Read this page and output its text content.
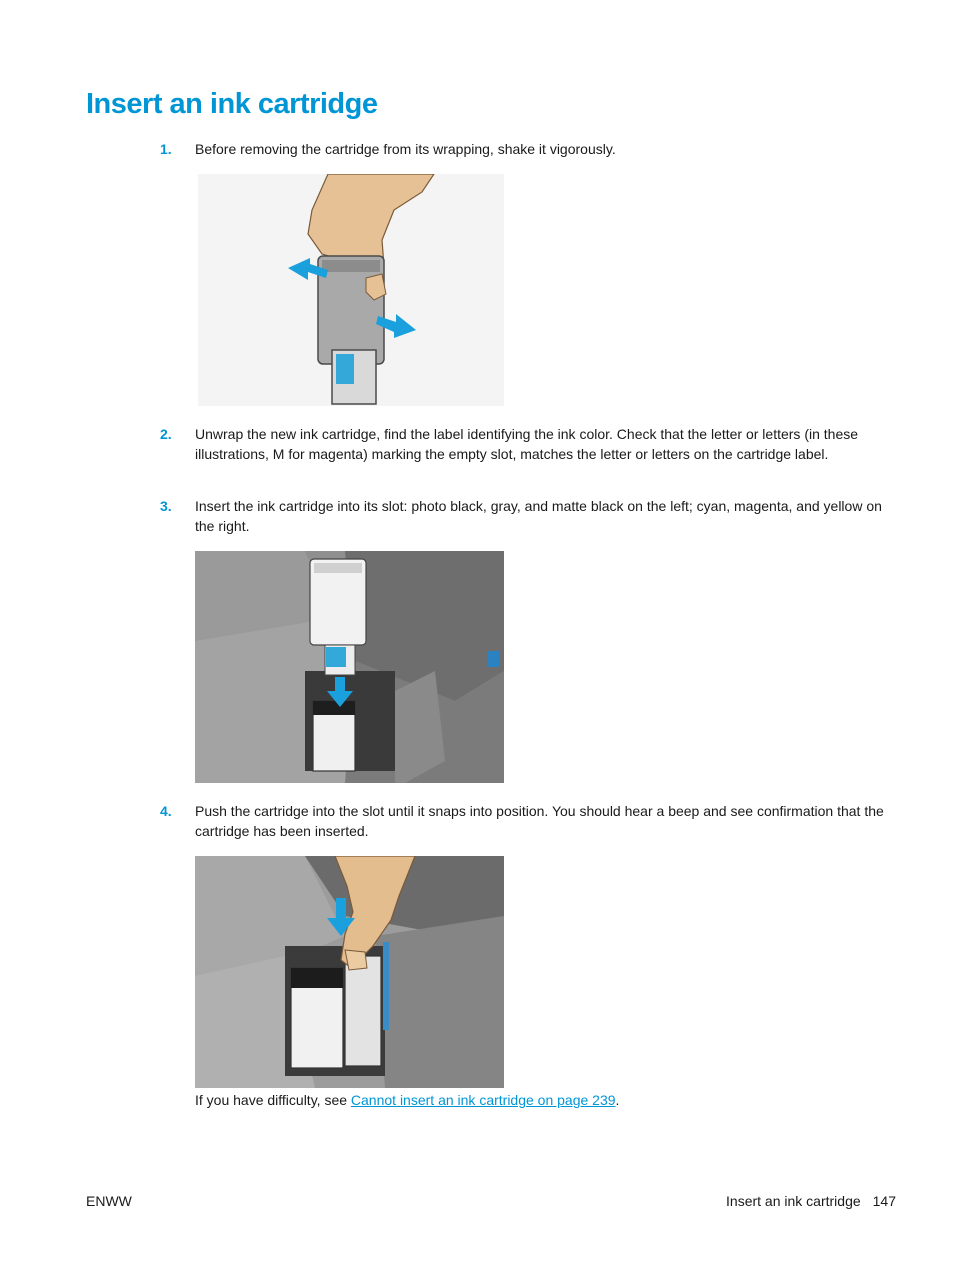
Insert an ink cartridge
1. Before removing the cartridge from its wrapping, shake it vigorously.
2. Unwrap the new ink cartridge, find the label identifying the ink color. Check that the letter or letters (in these illustrations, M for magenta) marking the empty slot, matches the letter or letters on the cartridge label.
3. Insert the ink cartridge into its slot: photo black, gray, and matte black on the left; cyan, magenta, and yellow on the right.
4. Push the cartridge into the slot until it snaps into position. You should hear a beep and see confirmation that the cartridge has been inserted.
If you have difficulty, see Cannot insert an ink cartridge on page 239.
ENWW	Insert an ink cartridge 147
